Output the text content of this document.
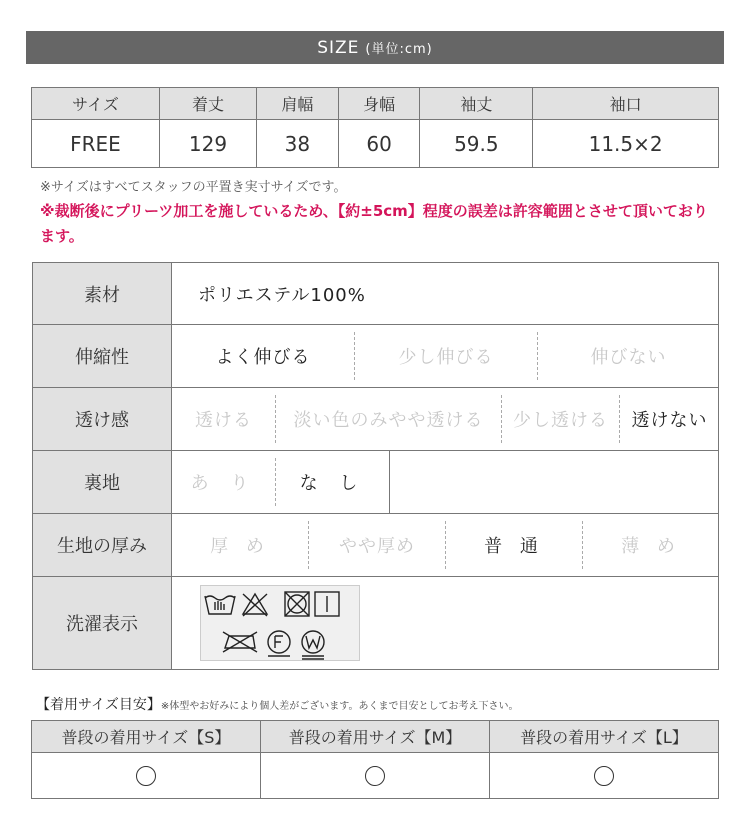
SIZE (単位:cm)
サイズ	着丈	肩幅	身幅	袖丈	袖口
FREE	129	38	60	59.5	11.5×2
※サイズはすべてスタッフの平置き実寸サイズです。
※裁断後にプリーツ加工を施しているため、【約±5cm】程度の誤差は許容範囲とさせて頂いております。
素材	ポリエステル100%
伸縮性	よく伸びる	少し伸びる	伸びない
透け感	透ける	淡い色のみやや透ける	少し透ける	透けない
裏地	あ り	な し
生地の厚み	厚 め	やや厚め	普 通	薄 め
洗濯表示
【着用サイズ目安】※体型やお好みにより個人差がございます。あくまで目安としてお考え下さい。
普段の着用サイズ【S】	普段の着用サイズ【M】	普段の着用サイズ【L】
